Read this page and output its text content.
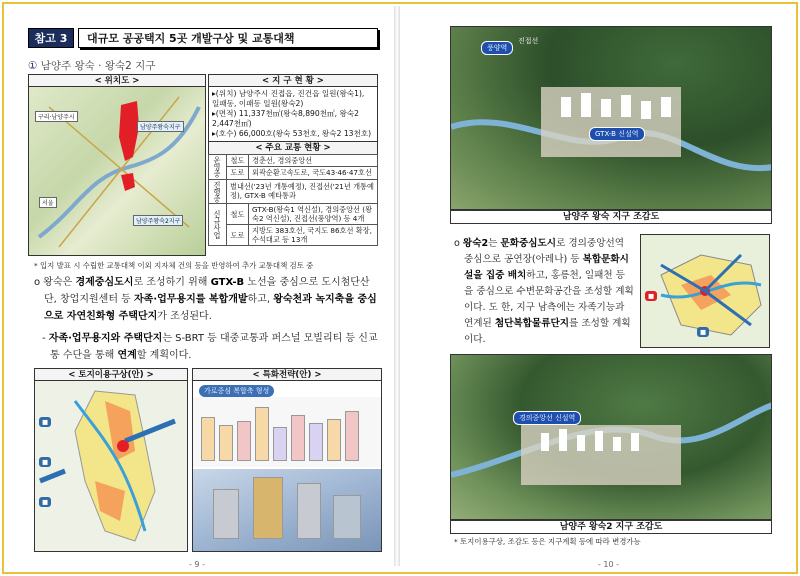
참고 3	대규모 공공택지 5곳 개발구상 및 교통대책
① 남양주 왕숙 · 왕숙2 지구
< 위치도 >
남양주왕숙지구
남양주왕숙2지구
구리·남양주시
서울
< 지 구 현 황 >
▸(위치) 남양주시 진접읍, 진건읍 일원(왕숙1), 일패동, 이패동 일원(왕숙2)
▸(면적) 11,337천㎡(왕숙8,890천㎡, 왕숙2 2,447천㎡)
▸(호수) 66,000호(왕숙 53천호, 왕숙2 13천호)
< 주요 교통 현황 >
운영중	철도	경춘선, 경의중앙선
	도로	외곽순환고속도로, 국도43·46·47호선
진행중	별내선('23년 개통예정), 진접선('21년 개통예정), GTX-B 예타통과	
신규사업	철도	GTX-B(왕숙1 역신설), 경의중앙선 (왕숙2 역신설), 진접선(풍양역) 등 4개
	도로	지방도 383호선, 국지도 86호선 확장, 수석대교 등 13개
* 입지 발표 시 수립한 교통대책 이외 지자체 건의 등을 반영하여 추가 교통대책 검토 중
o 왕숙은 경제중심도시로 조성하기 위해 GTX-B 노선을 중심으로 도시첨단산단, 창업지원센터 등 자족·업무용지를 복합개발하고, 왕숙천과 녹지축을 중심으로 자연친화형 주택단지가 조성된다.
- 자족·업무용지와 주택단지는 S-BRT 등 대중교통과 퍼스널 모빌리티 등 신교통 수단을 통해 연계할 계획이다.
< 토지이용구상(안) >
■
■
■
< 특화전략(안) >
가로중심 복합축 형성
- 9 -
풍양역
진접선
GTX-B 신설역
남양주 왕숙 지구 조감도
o 왕숙2는 문화중심도시로 경의중앙선역 중심으로 공연장(아레나) 등 복합문화시설을 집중 배치하고, 홍릉천, 일패천 등을 중심으로 수변문화공간을 조성할 계획이다. 도 한, 지구 남측에는 자족기능과 연계된 첨단복합물류단지를 조성할 계획이다.
■
■
경의중앙선 신설역
남양주 왕숙2 지구 조감도
* 토지이용구상, 조감도 등은 지구계획 등에 따라 변경가능
- 10 -
